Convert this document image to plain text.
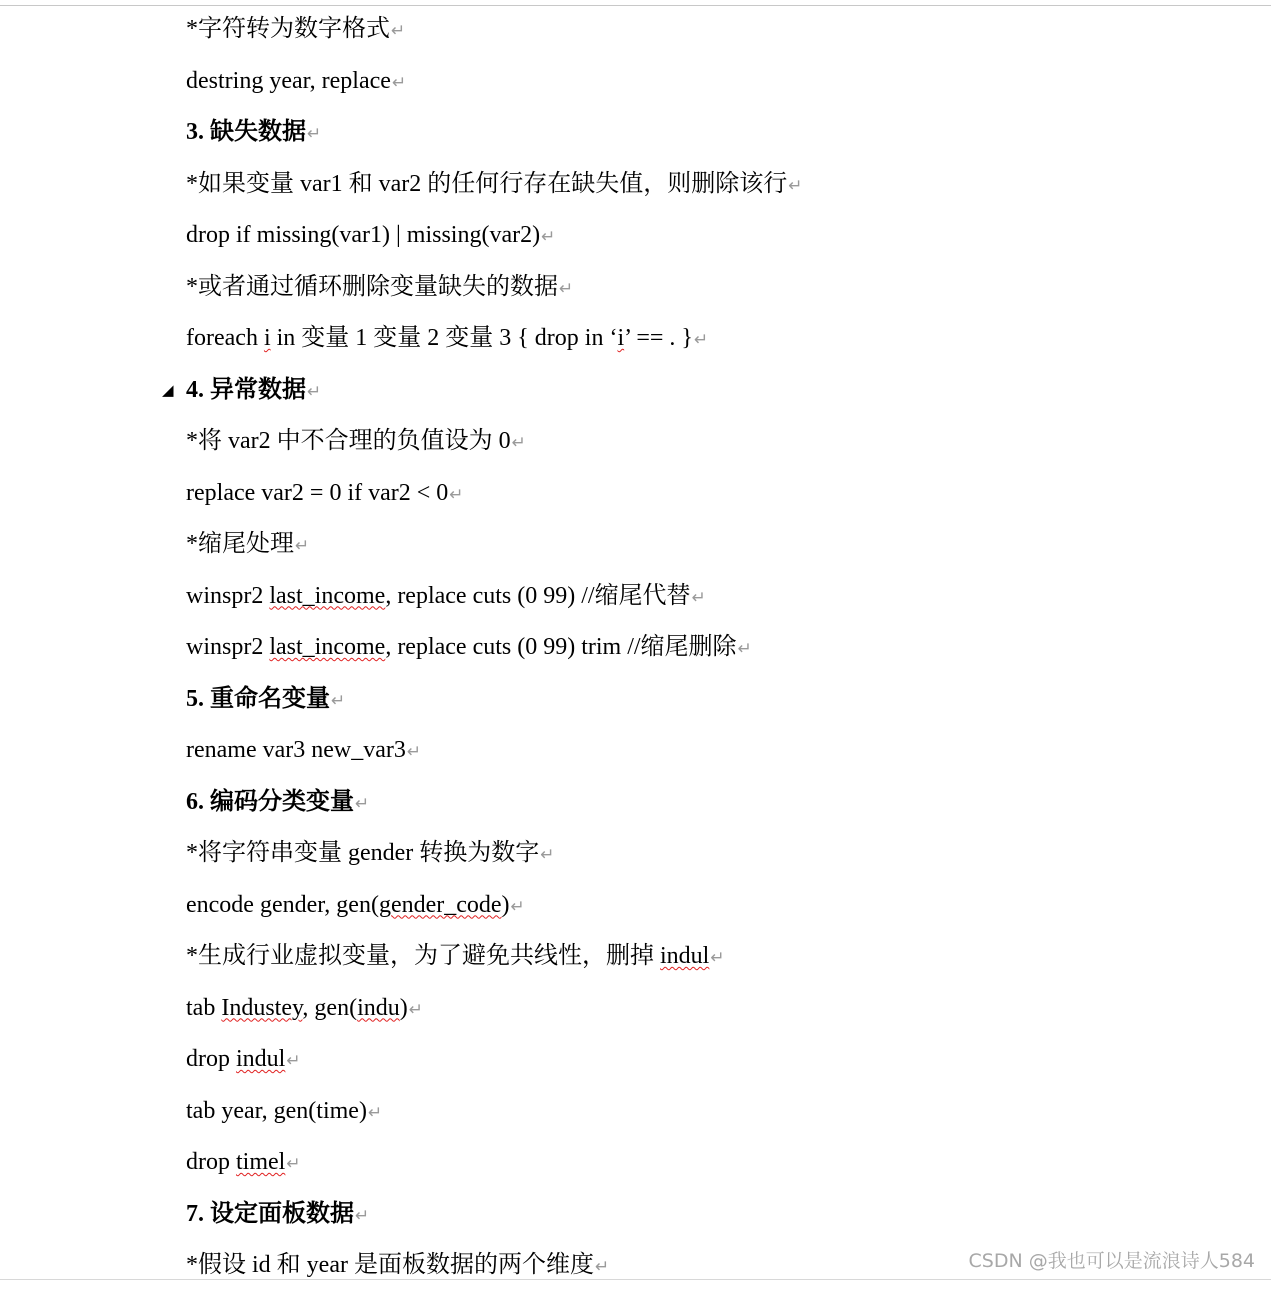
*字符转为数字格式↵
destring year, replace↵
3. 缺失数据↵
*如果变量 var1 和 var2 的任何行存在缺失值，则删除该行↵
drop if missing(var1) | missing(var2)↵
*或者通过循环删除变量缺失的数据↵
foreach i in 变量 1 变量 2 变量 3 { drop in ‘i’ == . }↵
◢ 4. 异常数据↵
*将 var2 中不合理的负值设为 0↵
replace var2 = 0 if var2 < 0↵
*缩尾处理↵
winspr2 last_income, replace cuts (0 99) //缩尾代替↵
winspr2 last_income, replace cuts (0 99) trim //缩尾删除↵
5. 重命名变量↵
rename var3 new_var3↵
6. 编码分类变量↵
*将字符串变量 gender 转换为数字↵
encode gender, gen(gender_code)↵
*生成行业虚拟变量，为了避免共线性，删掉 indul↵
tab Industey, gen(indu)↵
drop indul↵
tab year, gen(time)↵
drop timel↵
7. 设定面板数据↵
*假设 id 和 year 是面板数据的两个维度↵	CSDN @我也可以是流浪诗人584
